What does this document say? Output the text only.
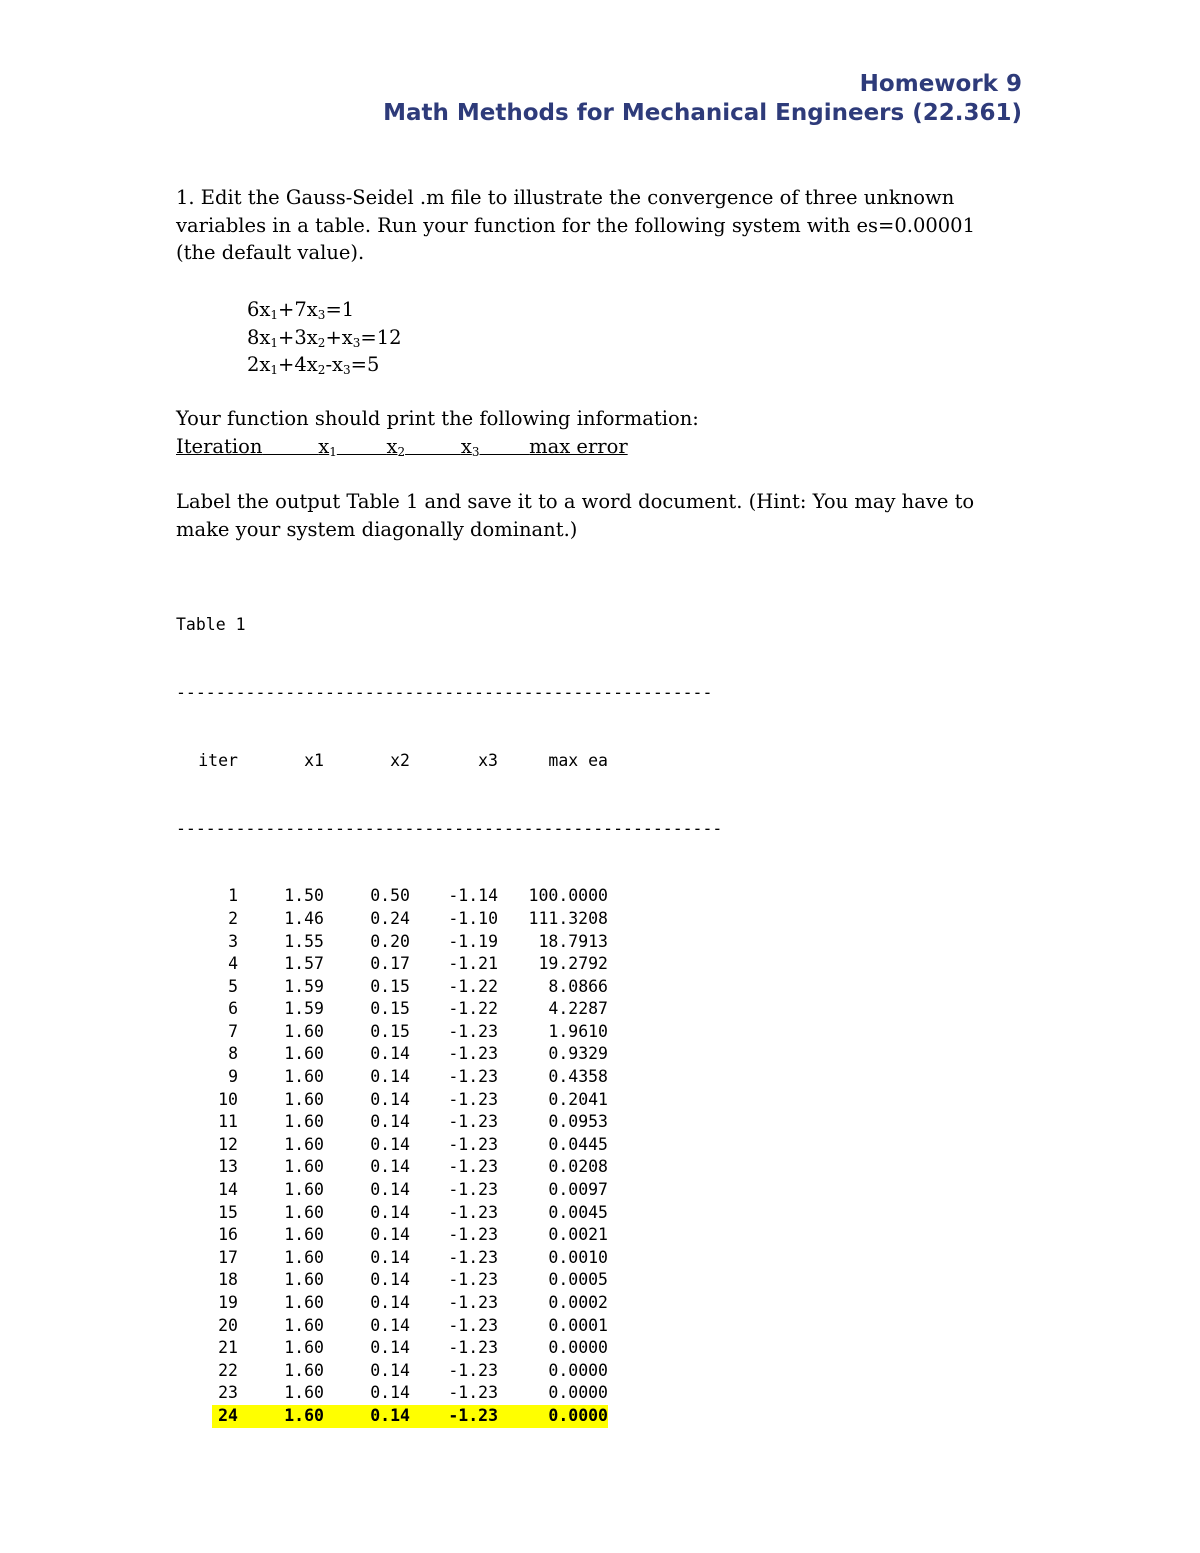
Homework 9
Math Methods for Mechanical Engineers (22.361)
1. Edit the Gauss-Seidel .m file to illustrate the convergence of three unknown variables in a table. Run your function for the following system with es=0.00001 (the default value).
$6x_1+7x_3=1$
$8x_1+3x_2+x_3=12$
$2x_1+4x_2-x_3=5$
Your function should print the following information:
Iteration	$x_1$	$x_2$	$x_3$	max error
Label the output Table 1 and save it to a word document. (Hint: You may have to make your system diagonally dominant.)

Table 1

------------------------------------------------------

iter	x1	x2	x3	max ea

-------------------------------------------------------

1	1.50	0.50 -1.14 100.0000
2	1.46	0.24 -1.10 111.3208
3	1.55	0.20 -1.19 18.7913
4	1.57	0.17 -1.21 19.2792
5	1.59	0.15 -1.22	8.0866
6	1.59	0.15 -1.22	4.2287
7	1.60	0.15 -1.23	1.9610
8	1.60	0.14 -1.23	0.9329
9	1.60	0.14 -1.23	0.4358
10	1.60	0.14 -1.23	0.2041
11	1.60	0.14 -1.23	0.0953
12	1.60	0.14 -1.23	0.0445
13	1.60	0.14 -1.23	0.0208
14	1.60	0.14 -1.23	0.0097
15	1.60	0.14 -1.23	0.0045
16	1.60	0.14 -1.23	0.0021
17	1.60	0.14 -1.23	0.0010
18	1.60	0.14 -1.23	0.0005
19	1.60	0.14 -1.23	0.0002
20	1.60	0.14 -1.23	0.0001
21	1.60	0.14 -1.23	0.0000
22	1.60	0.14 -1.23	0.0000
23	1.60	0.14 -1.23	0.0000
24	1.60	0.14 -1.23	0.0000
